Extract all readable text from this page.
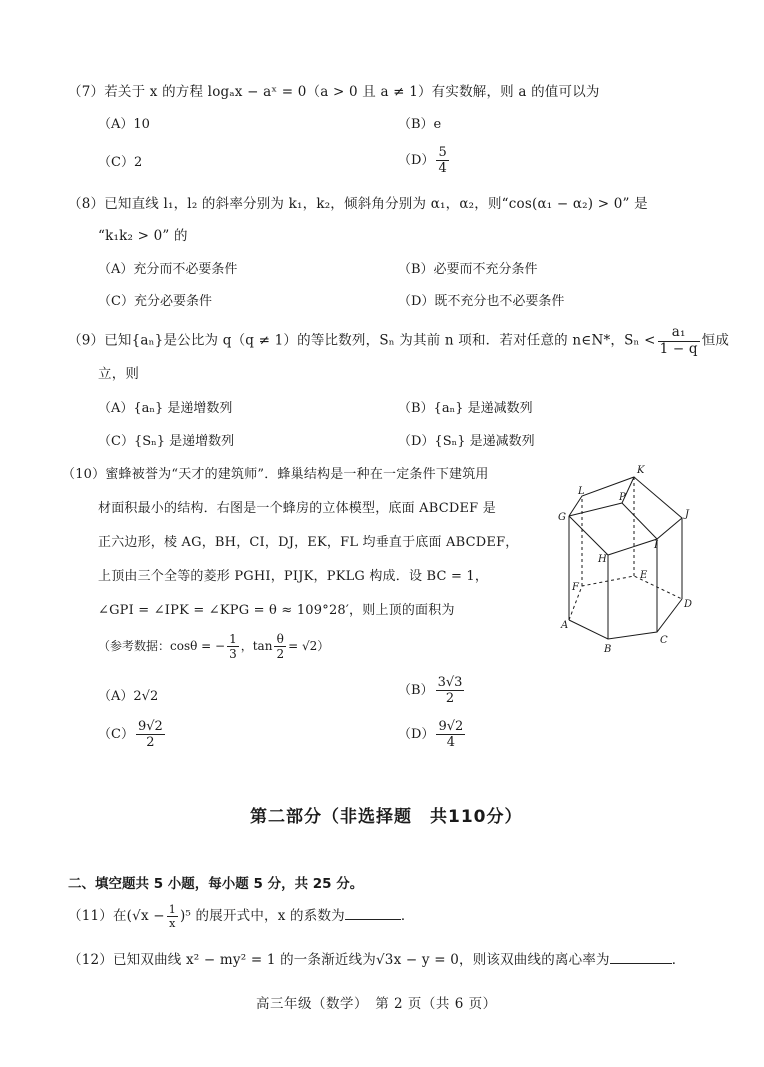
（7）若关于 x 的方程 logₐx − aˣ = 0（a > 0 且 a ≠ 1）有实数解，则 a 的值可以为
（A）10	（B）e
（C）2	$(D) \frac{5}{4}$
（8）已知直线 l₁，l₂ 的斜率分别为 k₁，k₂，倾斜角分别为 α₁，α₂，则“cos(α₁ − α₂) > 0” 是
“k₁k₂ > 0” 的
（A）充分而不必要条件	（B）必要而不充分条件
（C）充分必要条件	（D）既不充分也不必要条件
（9）已知{aₙ}是公比为 q（q ≠ 1）的等比数列，Sₙ 为其前 n 项和．若对任意的 n∈N*，$S_n < \frac{\text{a₁}}{1 - q}$ 恒成
立，则
（A）{aₙ} 是递增数列	（B）{aₙ} 是递减数列
（C）{Sₙ} 是递增数列	（D）{Sₙ} 是递减数列
（10）蜜蜂被誉为“天才的建筑师”．蜂巢结构是一种在一定条件下建筑用
材面积最小的结构．右图是一个蜂房的立体模型，底面 ABCDEF 是
正六边形，棱 AG，BH，CI，DJ，EK，FL 均垂直于底面 ABCDEF，
上顶由三个全等的菱形 PGHI，PIJK，PKLG 构成．设 BC = 1，
∠GPI = ∠IPK = ∠KPG = θ ≈ 109°28′，则上顶的面积为
（参考数据：cosθ = − $\frac{1}{3}$ ，$\tan \frac{\theta}{2} = √2$）
（A）2√2	$(B) \frac{3√3}{2}$
$(C) \frac{9√2}{2}$	$(D) \frac{9√2}{4}$
K
L
P
G	J
I
H
E
F
D
A
C
B
第二部分（非选择题　共110分）
二、填空题共 5 小题，每小题 5 分，共 25 分。
（11）在$(√x - \frac{1}{x} )^5$ 的展开式中，x 的系数为	．
（12）已知双曲线 x² − my² = 1 的一条渐近线为√3x − y = 0，则该双曲线的离心率为	．
高三年级（数学）　第 2 页（共 6 页）
